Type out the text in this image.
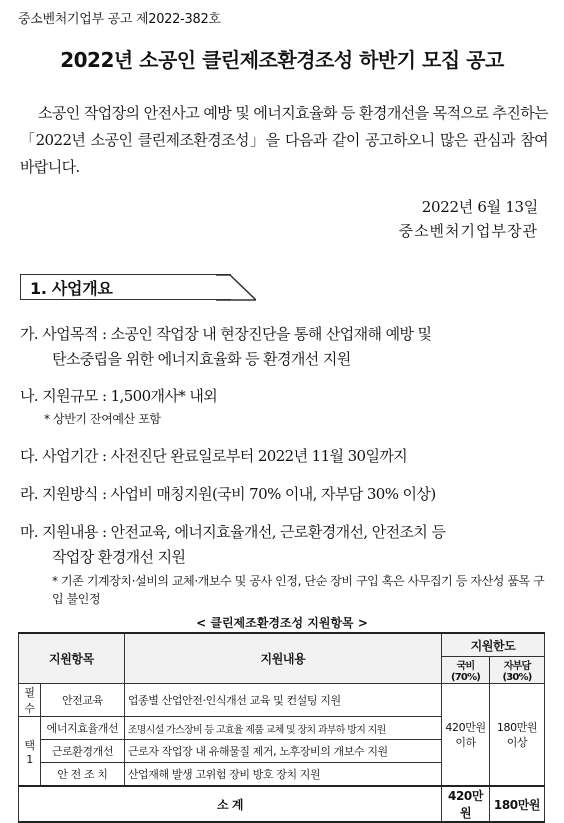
중소벤처기업부 공고 제2022-382호
2022년 소공인 클린제조환경조성 하반기 모집 공고
소공인 작업장의 안전사고 예방 및 에너지효율화 등 환경개선을 목적으로 추진하는「2022년 소공인 클린제조환경조성」을 다음과 같이 공고하오니 많은 관심과 참여바랍니다.
2022년 6월 13일
중소벤처기업부장관
1. 사업개요
가. 사업목적 : 소공인 작업장 내 현장진단을 통해 산업재해 예방 및
탄소중립을 위한 에너지효율화 등 환경개선 지원
나. 지원규모 : 1,500개사* 내외
* 상반기 잔여예산 포함
다. 사업기간 : 사전진단 완료일로부터 2022년 11월 30일까지
라. 지원방식 : 사업비 매칭지원(국비 70% 이내, 자부담 30% 이상)
마. 지원내용 : 안전교육, 에너지효율개선, 근로환경개선, 안전조치 등
작업장 환경개선 지원
* 기존 기계장치·설비의 교체·개보수 및 공사 인정, 단순 장비 구입 혹은 사무집기 등 자산성 품목 구입 불인정
< 클린제조환경조성 지원항목 >
지원항목		지원내용	지원한도	
			국비(70%)	자부담(30%)
필수	안전교육	업종별 산업안전·인식개선 교육 및 컨설팅 지원	420만원 이하	180만원 이상
택1	에너지효율개선	조명시설 가스장비 등 고효율 제품 교체 및 장치 과부하 방지 지원		
	근로환경개선	근로자 작업장 내 유해물질 제거, 노후장비의 개보수 지원		
	안 전 조 치	산업재해 발생 고위험 장비 방호 장치 지원		
소 계			420만원	180만원
